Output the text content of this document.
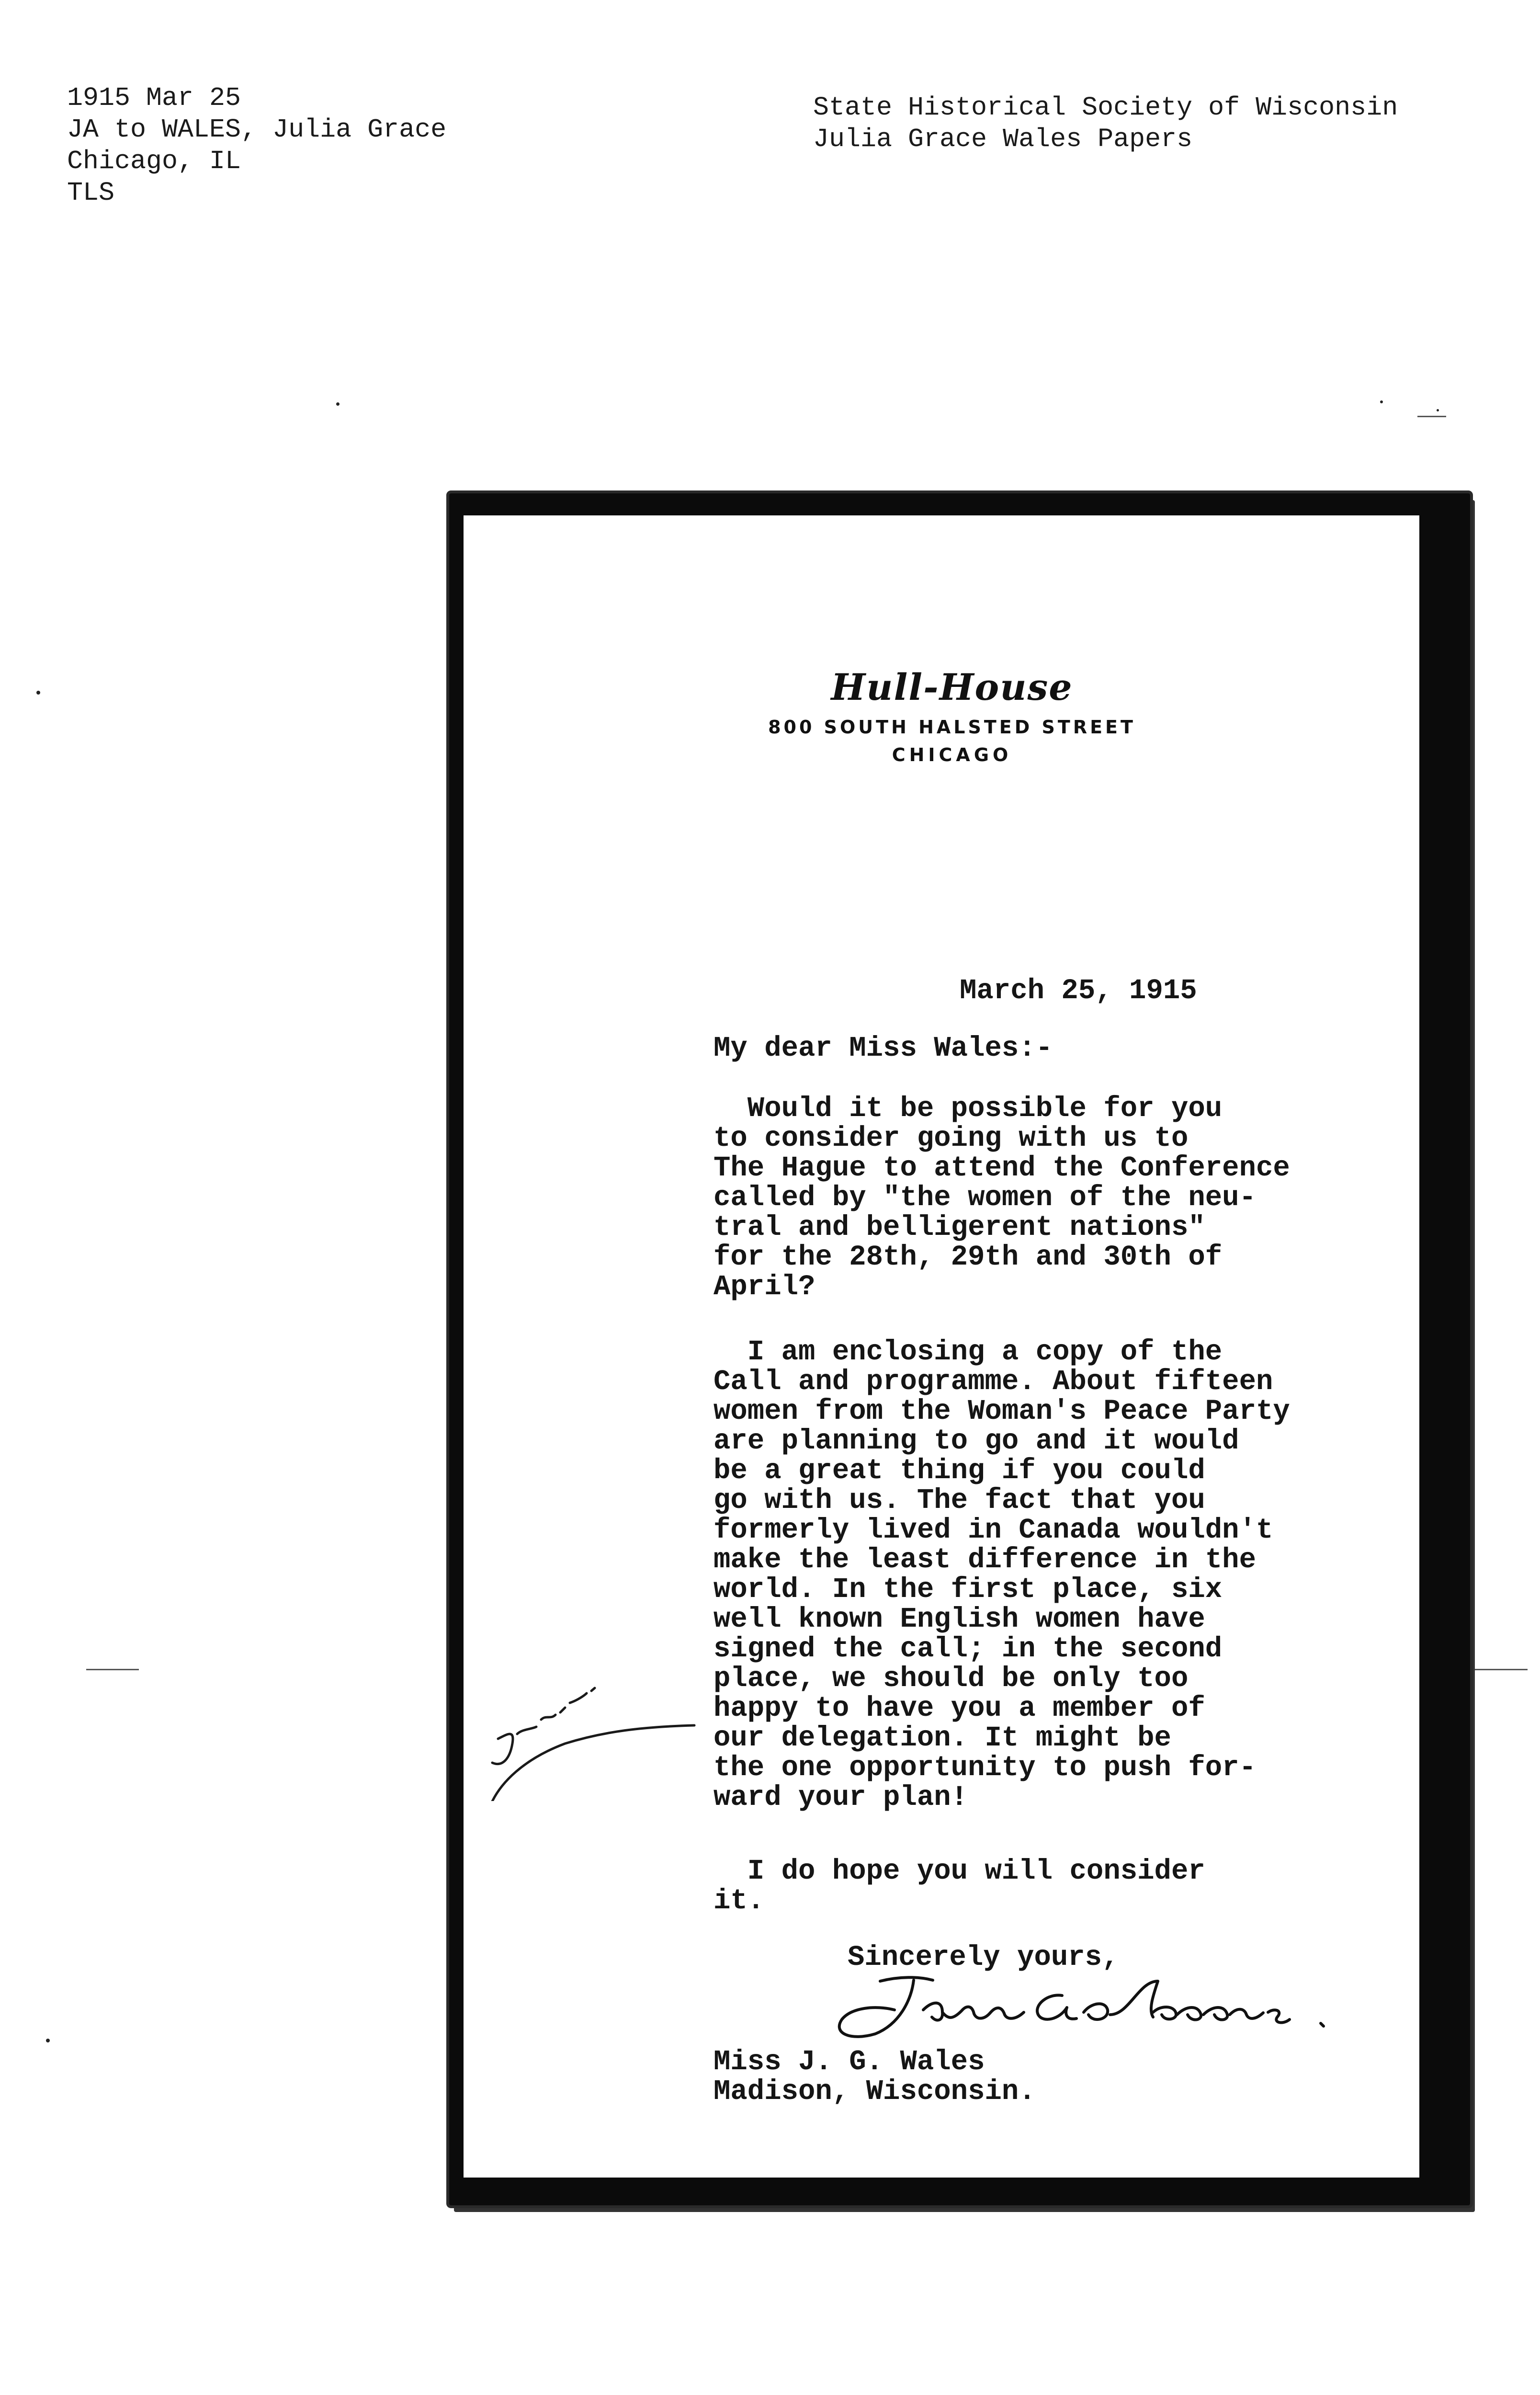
1915 Mar 25
JA to WALES, Julia Grace
Chicago, IL
TLS
State Historical Society of Wisconsin
Julia Grace Wales Papers
Hull-House
800 SOUTH HALSTED STREET
CHICAGO
March 25, 1915
My dear Miss Wales:-
Would it be possible for you
to consider going with us to
The Hague to attend the Conference
called by "the women of the neu-
tral and belligerent nations"
for the 28th, 29th and 30th of
April?
I am enclosing a copy of the
Call and programme. About fifteen
women from the Woman's Peace Party
are planning to go and it would
be a great thing if you could
go with us. The fact that you
formerly lived in Canada wouldn't
make the least difference in the
world. In the first place, six
well known English women have
signed the call; in the second
place, we should be only too
happy to have you a member of
our delegation. It might be
the one opportunity to push for-
ward your plan!
I do hope you will consider
it.
Sincerely yours,
Miss J. G. Wales
Madison, Wisconsin.
